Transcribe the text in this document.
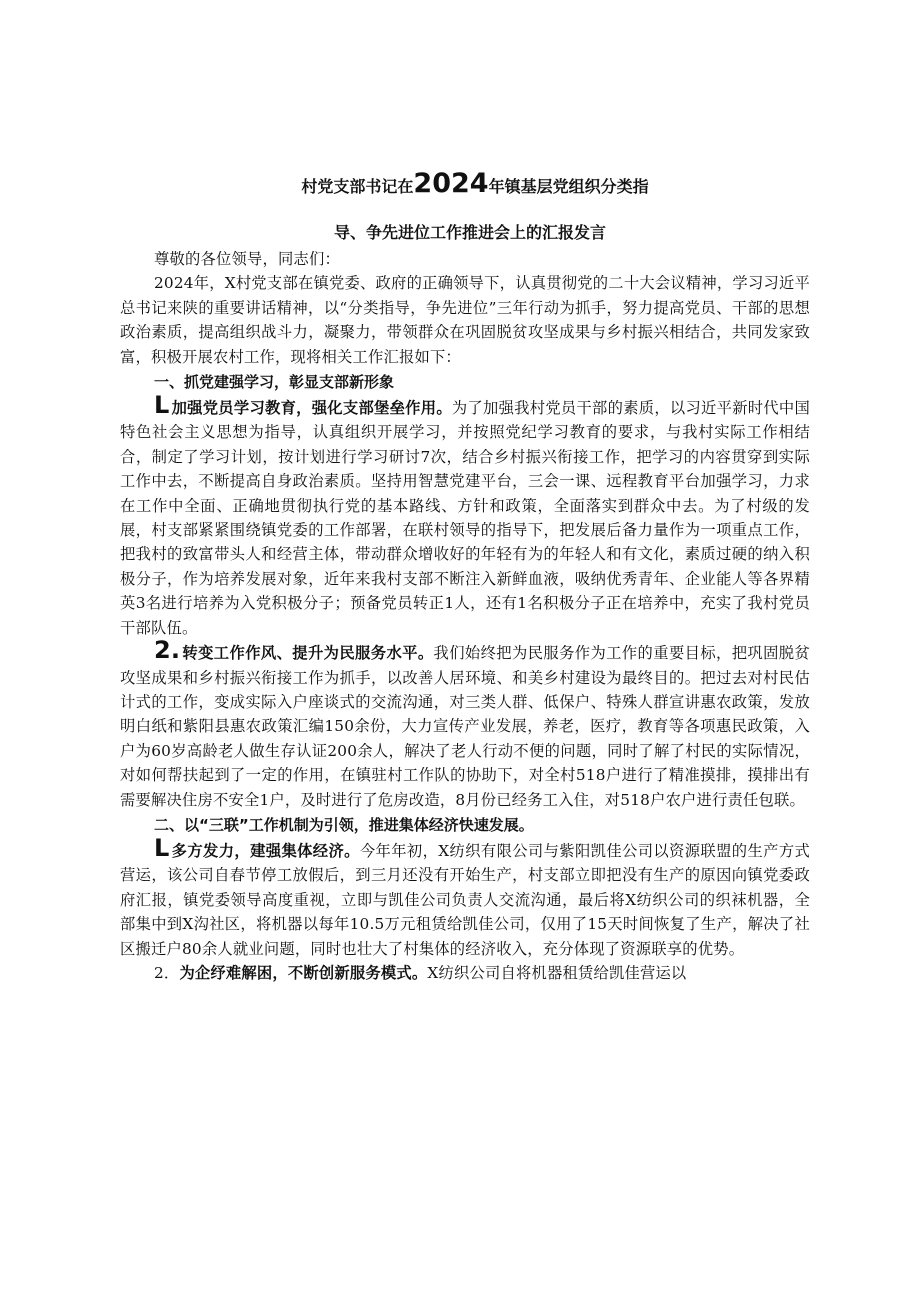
村党支部书记在2024年镇基层党组织分类指

导、争先进位工作推进会上的汇报发言

尊敬的各位领导，同志们：

2024年，X村党支部在镇党委、政府的正确领导下，认真贯彻党的二十大会议精神，学习习近平总书记来陕的重要讲话精神，以“分类指导，争先进位”三年行动为抓手，努力提高党员、干部的思想政治素质，提高组织战斗力，凝聚力，带领群众在巩固脱贫攻坚成果与乡村振兴相结合，共同发家致富，积极开展农村工作，现将相关工作汇报如下：

一、抓党建强学习，彰显支部新形象

L加强党员学习教育，强化支部堡垒作用。为了加强我村党员干部的素质，以习近平新时代中国特色社会主义思想为指导，认真组织开展学习，并按照党纪学习教育的要求，与我村实际工作相结合，制定了学习计划，按计划进行学习研讨7次，结合乡村振兴衔接工作，把学习的内容贯穿到实际工作中去，不断提高自身政治素质。坚持用智慧党建平台，三会一课、远程教育平台加强学习，力求在工作中全面、正确地贯彻执行党的基本路线、方针和政策，全面落实到群众中去。为了村级的发展，村支部紧紧围绕镇党委的工作部署，在联村领导的指导下，把发展后备力量作为一项重点工作，把我村的致富带头人和经营主体，带动群众增收好的年轻有为的年轻人和有文化，素质过硬的纳入积极分子，作为培养发展对象，近年来我村支部不断注入新鲜血液，吸纳优秀青年、企业能人等各界精英3名进行培养为入党积极分子；预备党员转正1人，还有1名积极分子正在培养中，充实了我村党员干部队伍。

2. 转变工作作风、提升为民服务水平。我们始终把为民服务作为工作的重要目标，把巩固脱贫攻坚成果和乡村振兴衔接工作为抓手，以改善人居环境、和美乡村建设为最终目的。把过去对村民估计式的工作，变成实际入户座谈式的交流沟通，对三类人群、低保户、特殊人群宣讲惠农政策，发放明白纸和紫阳县惠农政策汇编150余份，大力宣传产业发展，养老，医疗，教育等各项惠民政策，入户为60岁高龄老人做生存认证200余人，解决了老人行动不便的问题，同时了解了村民的实际情况，对如何帮扶起到了一定的作用，在镇驻村工作队的协助下，对全村518户进行了精准摸排，摸排出有需要解决住房不安全1户，及时进行了危房改造，8月份已经务工入住，对518户农户进行责任包联。

二、以“三联”工作机制为引领，推进集体经济快速发展。

L多方发力，建强集体经济。今年年初，X纺织有限公司与紫阳凯佳公司以资源联盟的生产方式营运，该公司自春节停工放假后，到三月还没有开始生产，村支部立即把没有生产的原因向镇党委政府汇报，镇党委领导高度重视，立即与凯佳公司负责人交流沟通，最后将X纺织公司的织袜机器，全部集中到X沟社区，将机器以每年10.5万元租赁给凯佳公司，仅用了15天时间恢复了生产，解决了社区搬迁户80余人就业问题，同时也壮大了村集体的经济收入，充分体现了资源联享的优势。

2．为企纾难解困，不断创新服务模式。X纺织公司自将机器租赁给凯佳营运以
